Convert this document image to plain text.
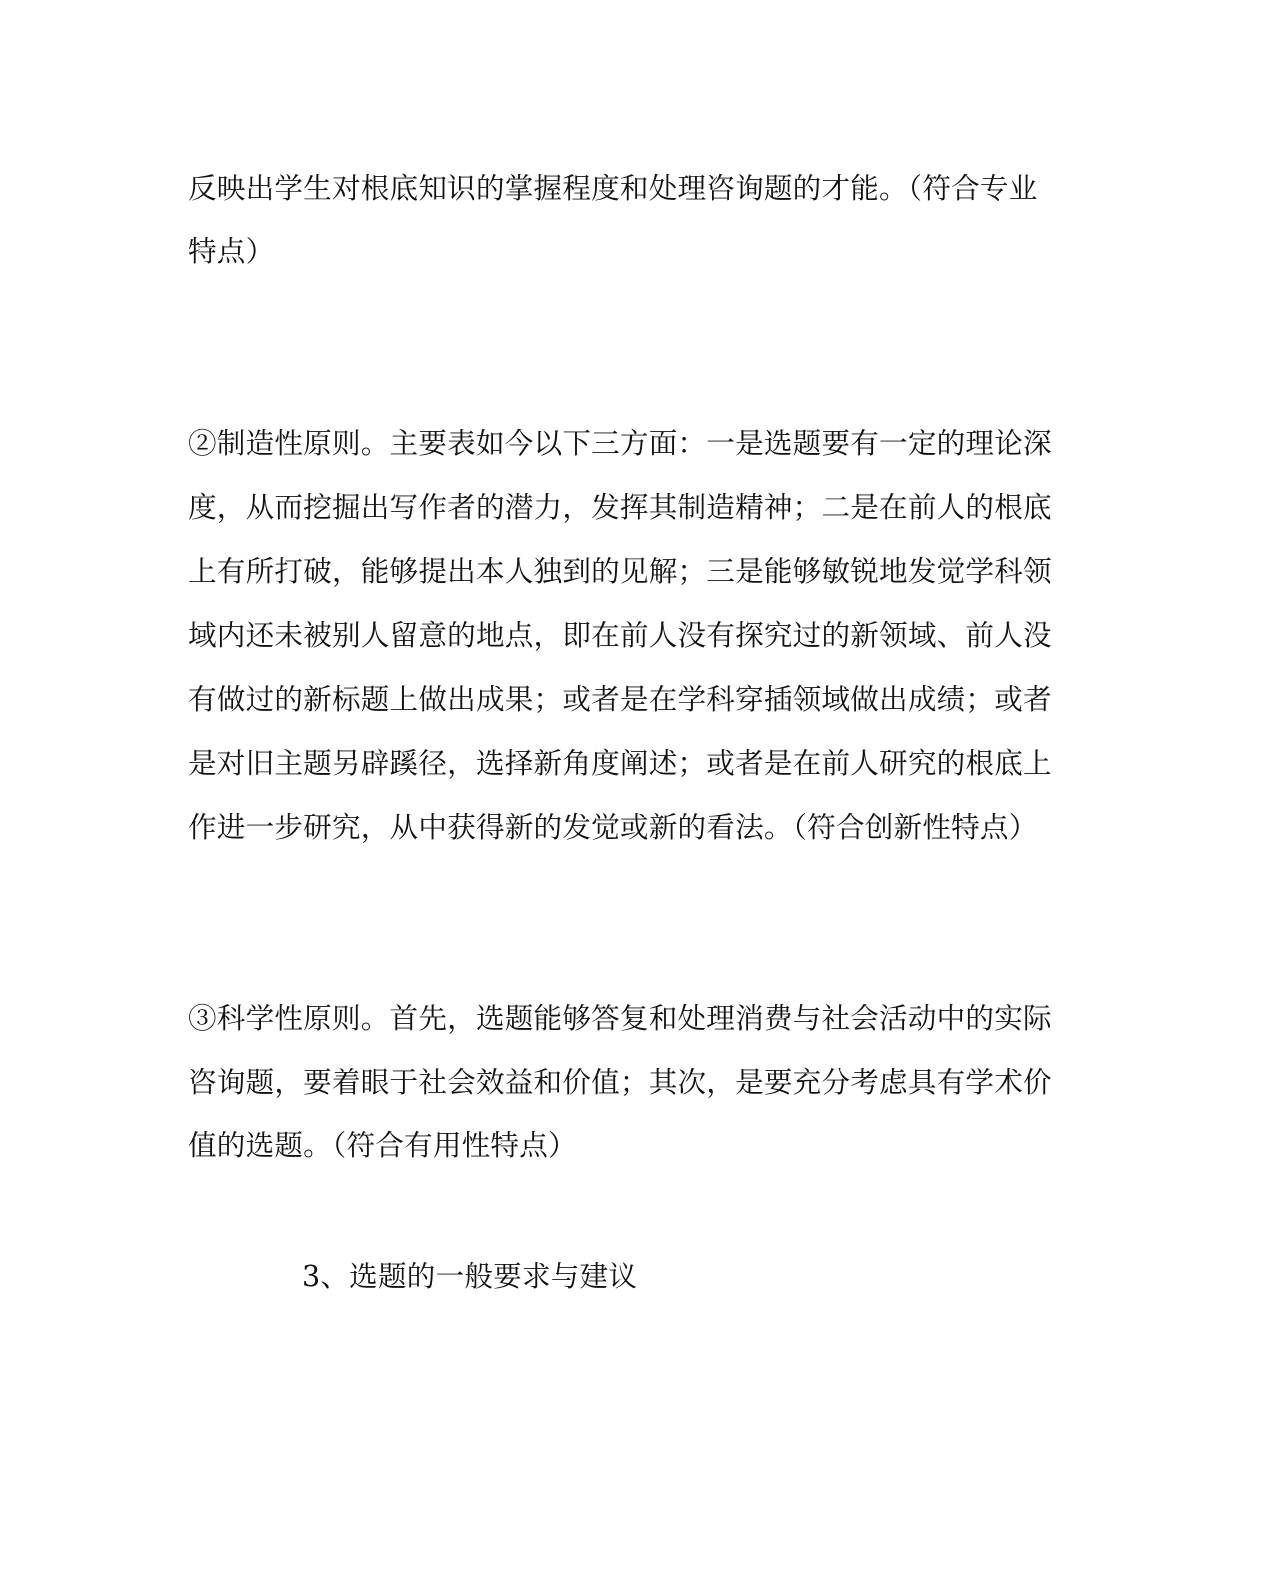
反映出学生对根底知识的掌握程度和处理咨询题的才能。（符合专业
特点）
②制造性原则。主要表如今以下三方面：一是选题要有一定的理论深
度，从而挖掘出写作者的潜力，发挥其制造精神；二是在前人的根底
上有所打破，能够提出本人独到的见解；三是能够敏锐地发觉学科领
域内还未被别人留意的地点，即在前人没有探究过的新领域、前人没
有做过的新标题上做出成果；或者是在学科穿插领域做出成绩；或者
是对旧主题另辟蹊径，选择新角度阐述；或者是在前人研究的根底上
作进一步研究，从中获得新的发觉或新的看法。（符合创新性特点）
③科学性原则。首先，选题能够答复和处理消费与社会活动中的实际
咨询题，要着眼于社会效益和价值；其次，是要充分考虑具有学术价
值的选题。（符合有用性特点）
3、选题的一般要求与建议
